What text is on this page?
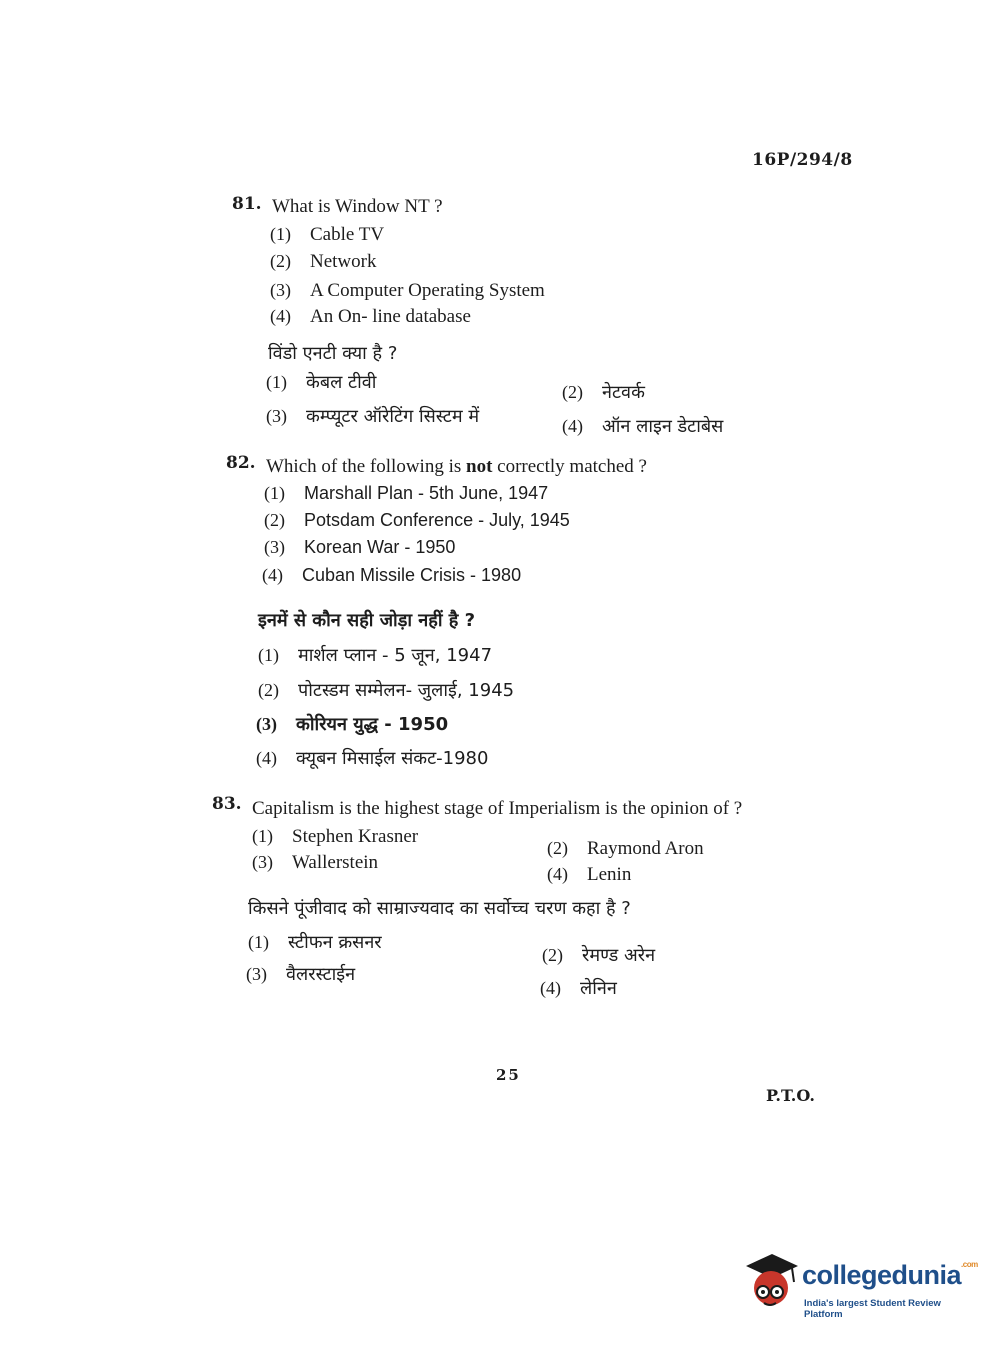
16P/294/8
81. What is Window NT ?
(1) Cable TV
(2) Network
(3) A Computer Operating System
(4) An On- line database
विंडो एनटी क्या है ?
(1) केबल टीवी	(2) नेटवर्क
(3) कम्प्यूटर ऑरेटिंग सिस्टम में	(4) ऑन लाइन डेटाबेस
82. Which of the following is not correctly matched ?
(1) Marshall Plan - 5th June, 1947
(2) Potsdam Conference - July, 1945
(3) Korean War - 1950
(4) Cuban Missile Crisis - 1980
इनमें से कौन सही जोड़ा नहीं है ?
(1) मार्शल प्लान - 5 जून, 1947
(2) पोटस्डम सम्मेलन- जुलाई, 1945
(3) कोरियन युद्ध - 1950
(4) क्यूबन मिसाईल संकट-1980
83. Capitalism is the highest stage of Imperialism is the opinion of ?
(1) Stephen Krasner
(2) Raymond Aron
(3) Wallerstein
(4) Lenin
किसने पूंजीवाद को साम्राज्यवाद का सर्वोच्च चरण कहा है ?
(1) स्टीफन क्रसनर
(2) रेमण्ड अरेन
(3) वैलरस्टाईन
(4) लेनिन
25
P.T.O.
collegedunia$^{.com}$
India's largest Student Review Platform
